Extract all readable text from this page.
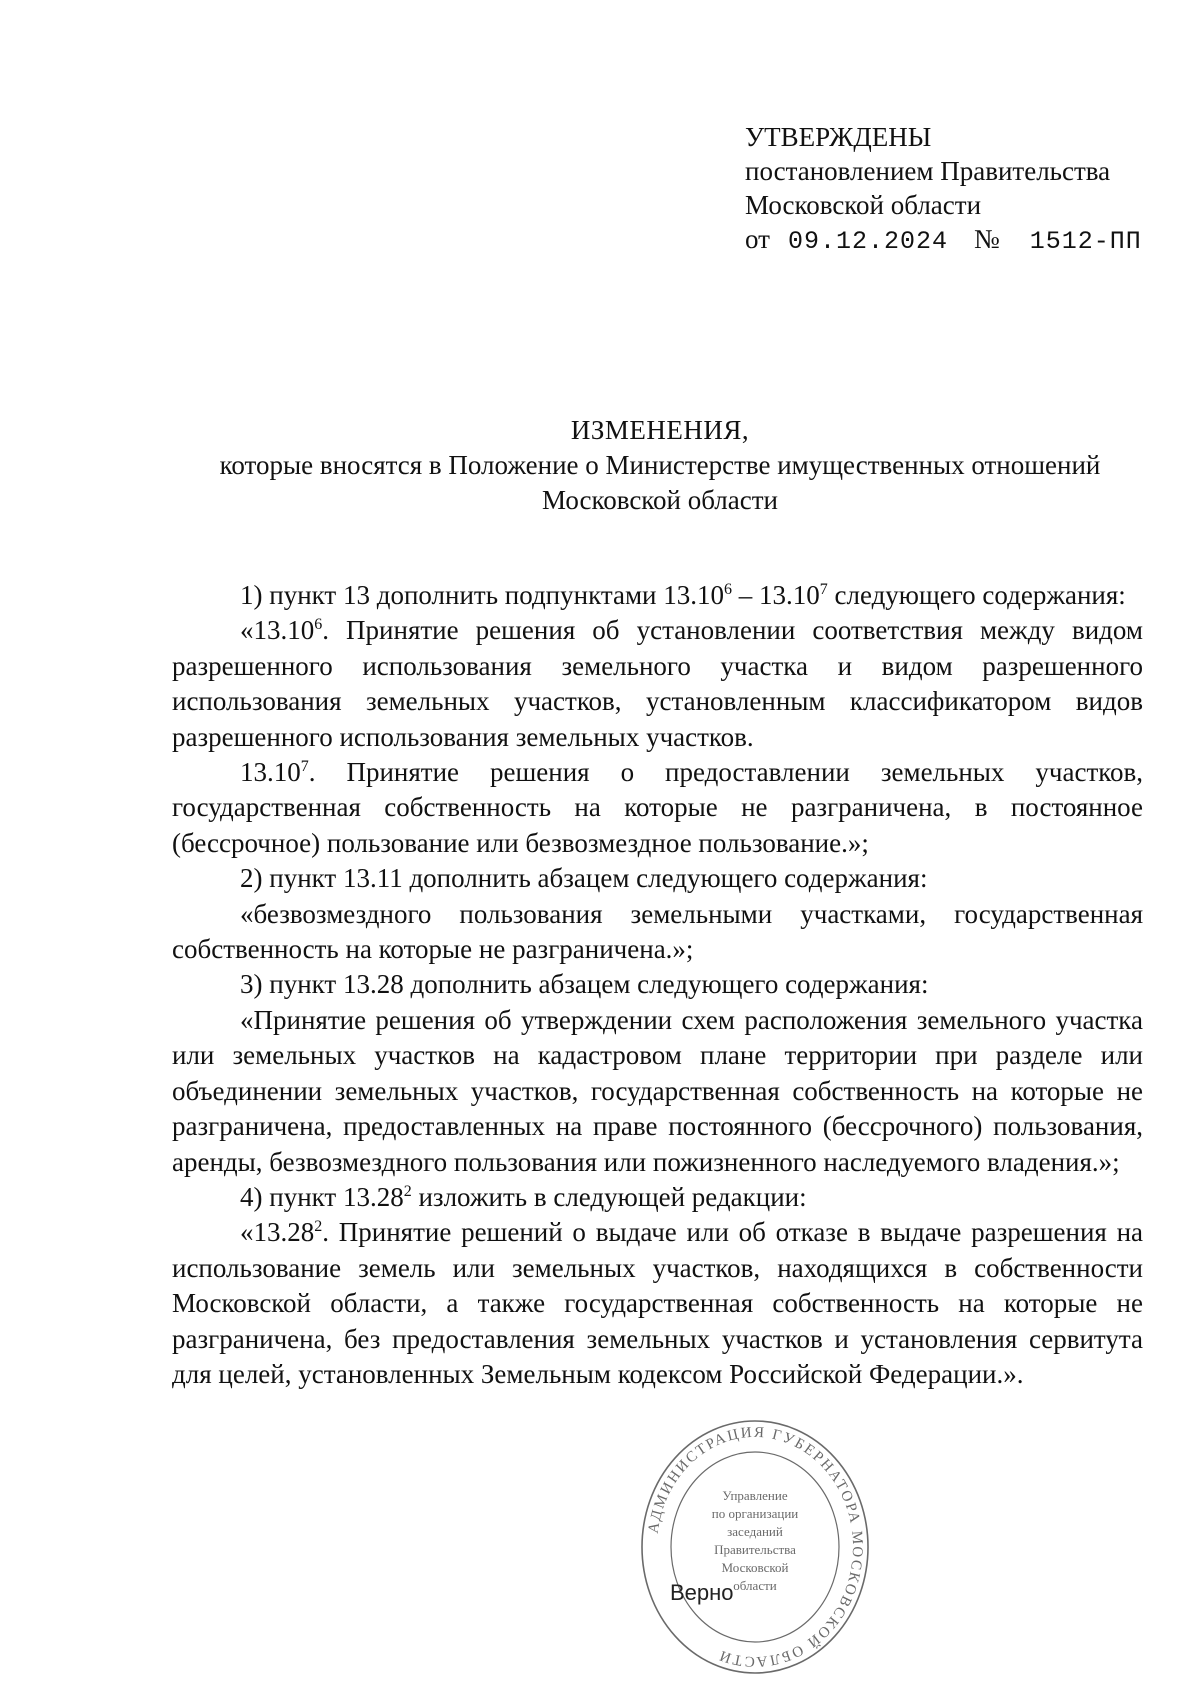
УТВЕРЖДЕНЫ
постановлением Правительства
Московской области
от 09.12.2024 № 1512-ПП
ИЗМЕНЕНИЯ,
которые вносятся в Положение о Министерстве имущественных отношений
Московской области

1) пункт 13 дополнить подпунктами 13.10$^6$ – 13.10$^7$ следующего содержания:

«13.10$^6$. Принятие решения об установлении соответствия между видом разрешенного использования земельного участка и видом разрешенного использования земельных участков, установленным классификатором видов разрешенного использования земельных участков.

13.10$^7$. Принятие решения о предоставлении земельных участков, государственная собственность на которые не разграничена, в постоянное (бессрочное) пользование или безвозмездное пользование.»;

2) пункт 13.11 дополнить абзацем следующего содержания:

«безвозмездного пользования земельными участками, государственная собственность на которые не разграничена.»;

3) пункт 13.28 дополнить абзацем следующего содержания:

«Принятие решения об утверждении схем расположения земельного участка или земельных участков на кадастровом плане территории при разделе или объединении земельных участков, государственная собственность на которые не разграничена, предоставленных на праве постоянного (бессрочного) пользования, аренды, безвозмездного пользования или пожизненного наследуемого владения.»;

4) пункт 13.28$^2$ изложить в следующей редакции:

«13.28$^2$. Принятие решений о выдаче или об отказе в выдаче разрешения на использование земель или земельных участков, находящихся в собственности Московской области, а также государственная собственность на которые не разграничена, без предоставления земельных участков и установления сервитута для целей, установленных Земельным кодексом Российской Федерации.».

АДМИНИСТРАЦИЯ ГУБЕРНАТОРА МОСКОВСКОЙ ОБЛАСТИ
Управление
по организации
заседаний
Правительства
Московской
области
Верно
